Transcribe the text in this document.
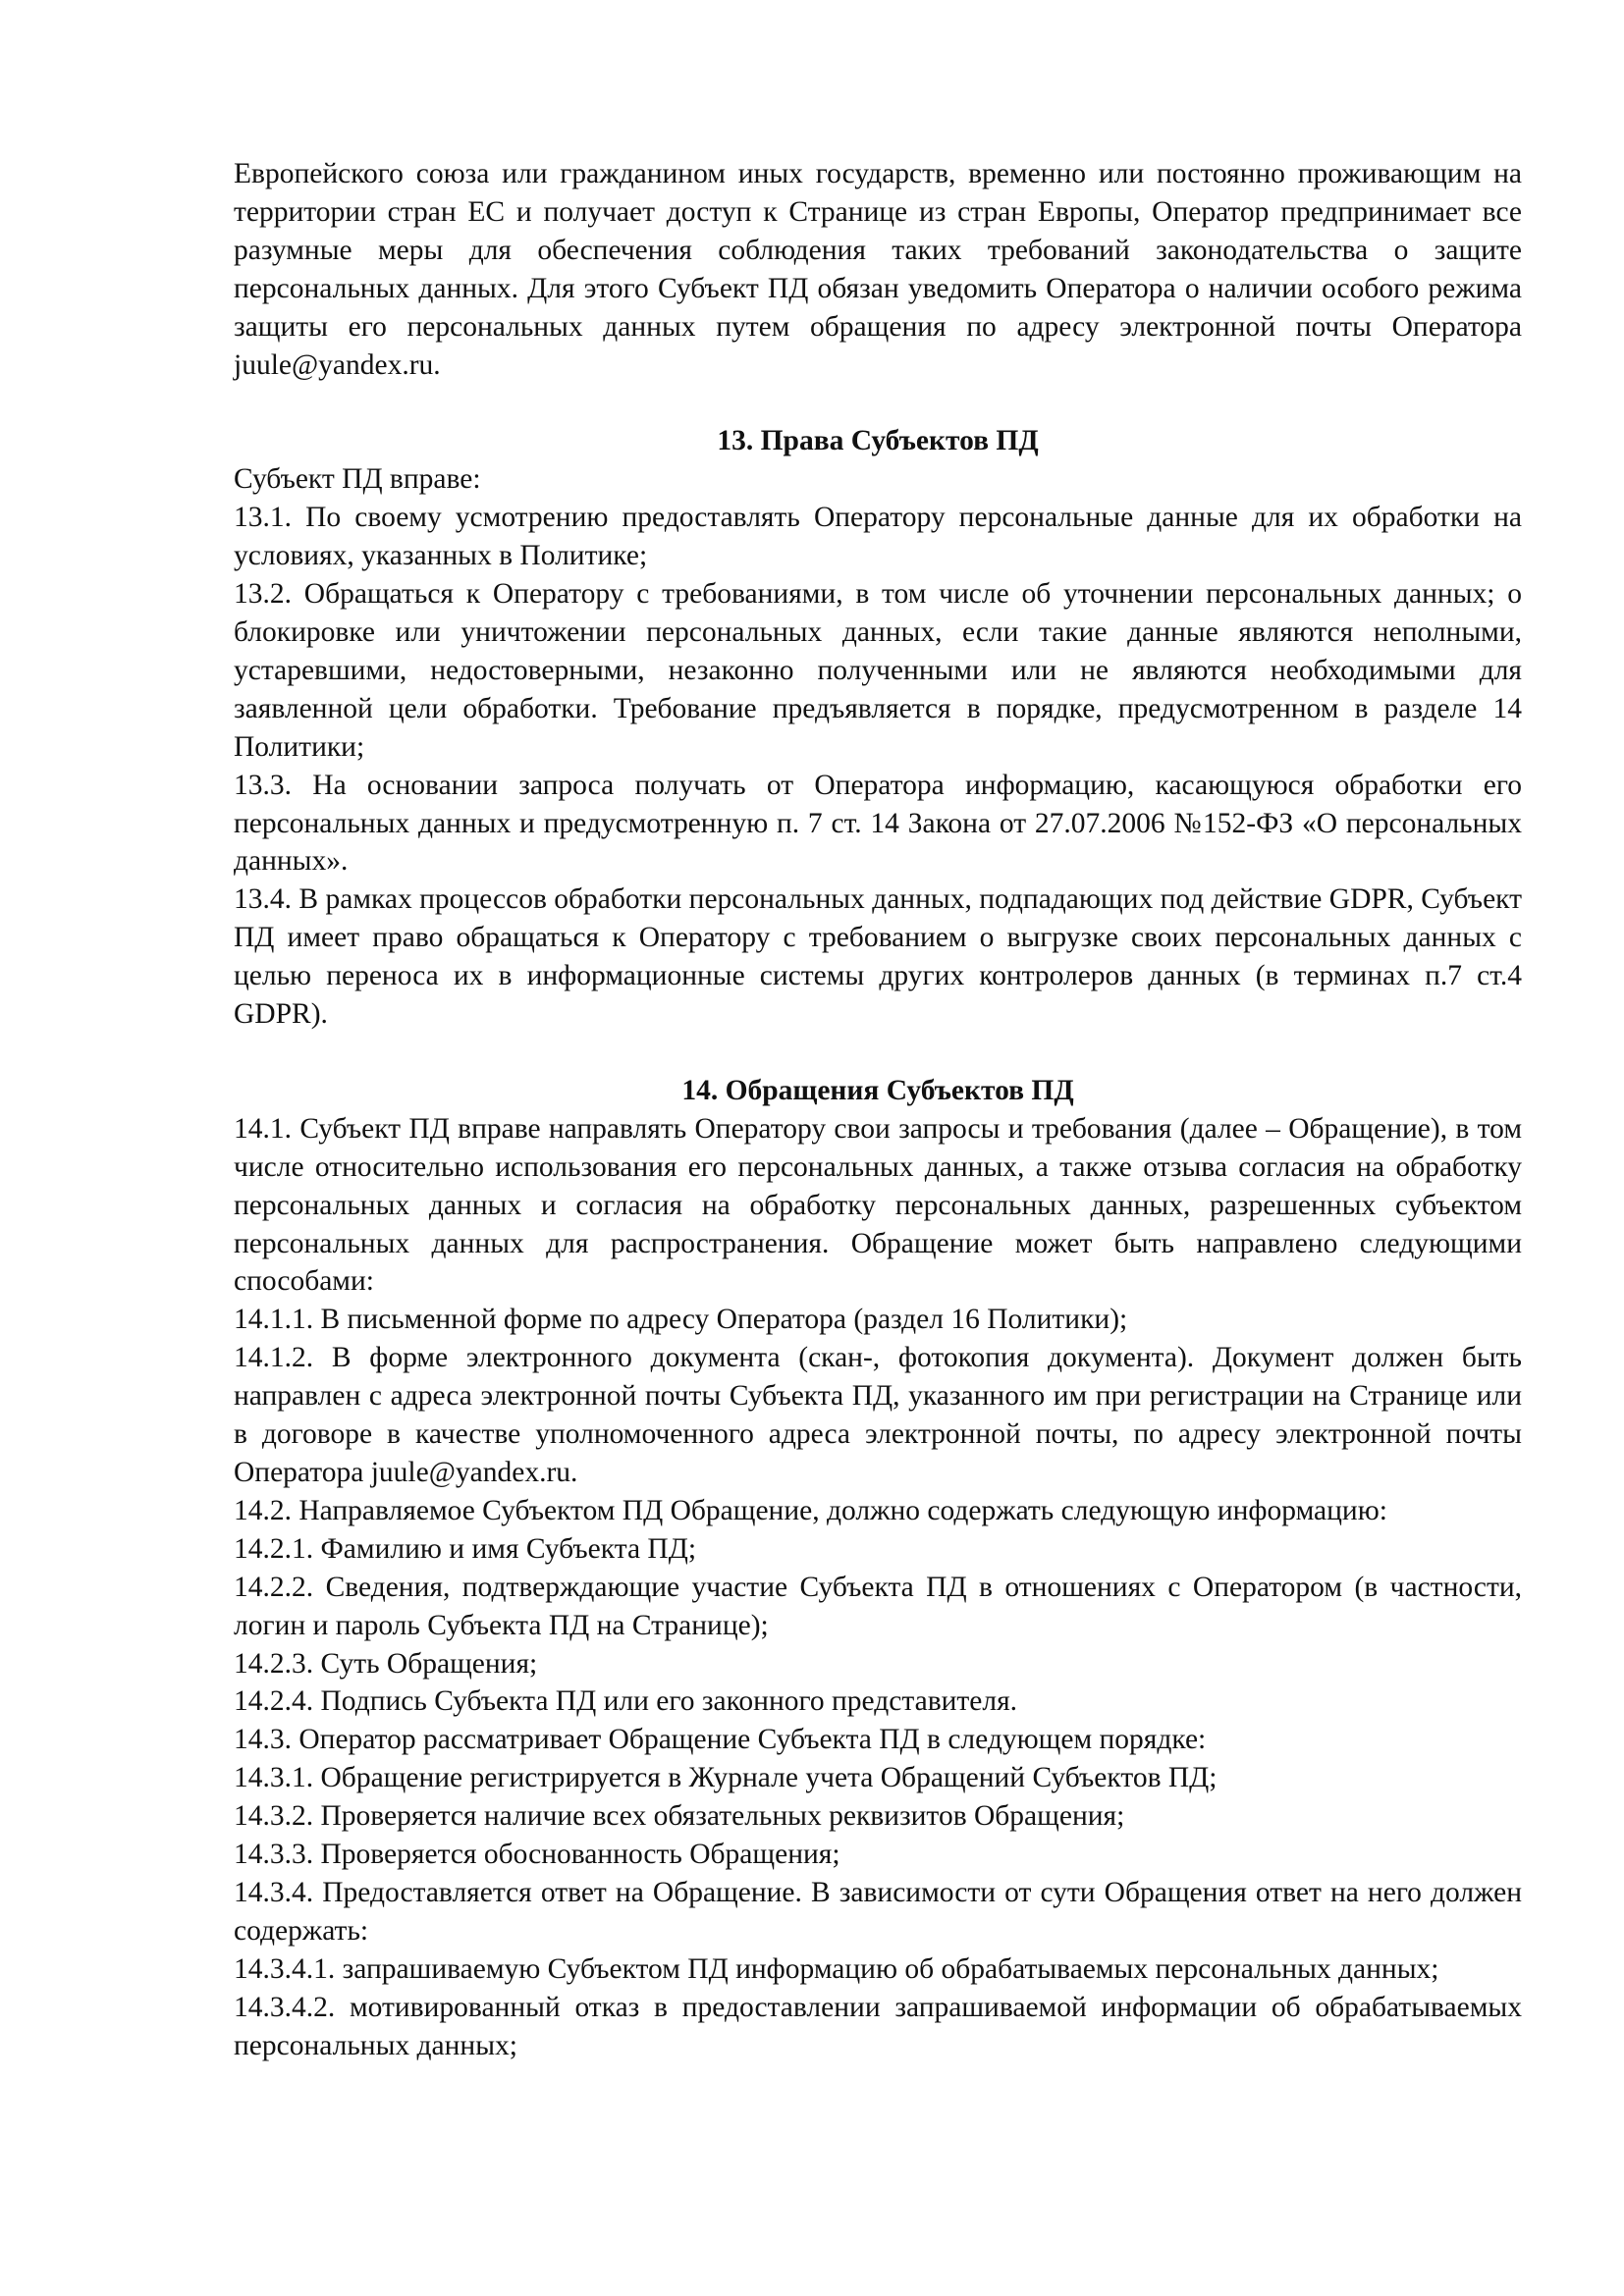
Европейского союза или гражданином иных государств, временно или постоянно проживающим на территории стран ЕС и получает доступ к Странице из стран Европы, Оператор предпринимает все разумные меры для обеспечения соблюдения таких требований законодательства о защите персональных данных. Для этого Субъект ПД обязан уведомить Оператора о наличии особого режима защиты его персональных данных путем обращения по адресу электронной почты Оператора juule@yandex.ru.

13. Права Субъектов ПД

Субъект ПД вправе:

13.1. По своему усмотрению предоставлять Оператору персональные данные для их обработки на условиях, указанных в Политике;

13.2. Обращаться к Оператору с требованиями, в том числе об уточнении персональных данных; о блокировке или уничтожении персональных данных, если такие данные являются неполными, устаревшими, недостоверными, незаконно полученными или не являются необходимыми для заявленной цели обработки. Требование предъявляется в порядке, предусмотренном в разделе 14 Политики;

13.3. На основании запроса получать от Оператора информацию, касающуюся обработки его персональных данных и предусмотренную п. 7 ст. 14 Закона от 27.07.2006 №152-ФЗ «О персональных данных».

13.4. В рамках процессов обработки персональных данных, подпадающих под действие GDPR, Субъект ПД имеет право обращаться к Оператору с требованием о выгрузке своих персональных данных с целью переноса их в информационные системы других контролеров данных (в терминах п.7 ст.4 GDPR).

14. Обращения Субъектов ПД

14.1. Субъект ПД вправе направлять Оператору свои запросы и требования (далее – Обращение), в том числе относительно использования его персональных данных, а также отзыва согласия на обработку персональных данных и согласия на обработку персональных данных, разрешенных субъектом персональных данных для распространения. Обращение может быть направлено следующими способами:

14.1.1. В письменной форме по адресу Оператора (раздел 16 Политики);

14.1.2. В форме электронного документа (скан-, фотокопия документа). Документ должен быть направлен с адреса электронной почты Субъекта ПД, указанного им при регистрации на Странице или в договоре в качестве уполномоченного адреса электронной почты, по адресу электронной почты Оператора juule@yandex.ru.

14.2. Направляемое Субъектом ПД Обращение, должно содержать следующую информацию:

14.2.1. Фамилию и имя Субъекта ПД;

14.2.2. Сведения, подтверждающие участие Субъекта ПД в отношениях с Оператором (в частности, логин и пароль Субъекта ПД на Странице);

14.2.3. Суть Обращения;

14.2.4. Подпись Субъекта ПД или его законного представителя.

14.3. Оператор рассматривает Обращение Субъекта ПД в следующем порядке:

14.3.1. Обращение регистрируется в Журнале учета Обращений Субъектов ПД;

14.3.2. Проверяется наличие всех обязательных реквизитов Обращения;

14.3.3. Проверяется обоснованность Обращения;

14.3.4. Предоставляется ответ на Обращение. В зависимости от сути Обращения ответ на него должен содержать:

14.3.4.1. запрашиваемую Субъектом ПД информацию об обрабатываемых персональных данных;

14.3.4.2. мотивированный отказ в предоставлении запрашиваемой информации об обрабатываемых персональных данных;
